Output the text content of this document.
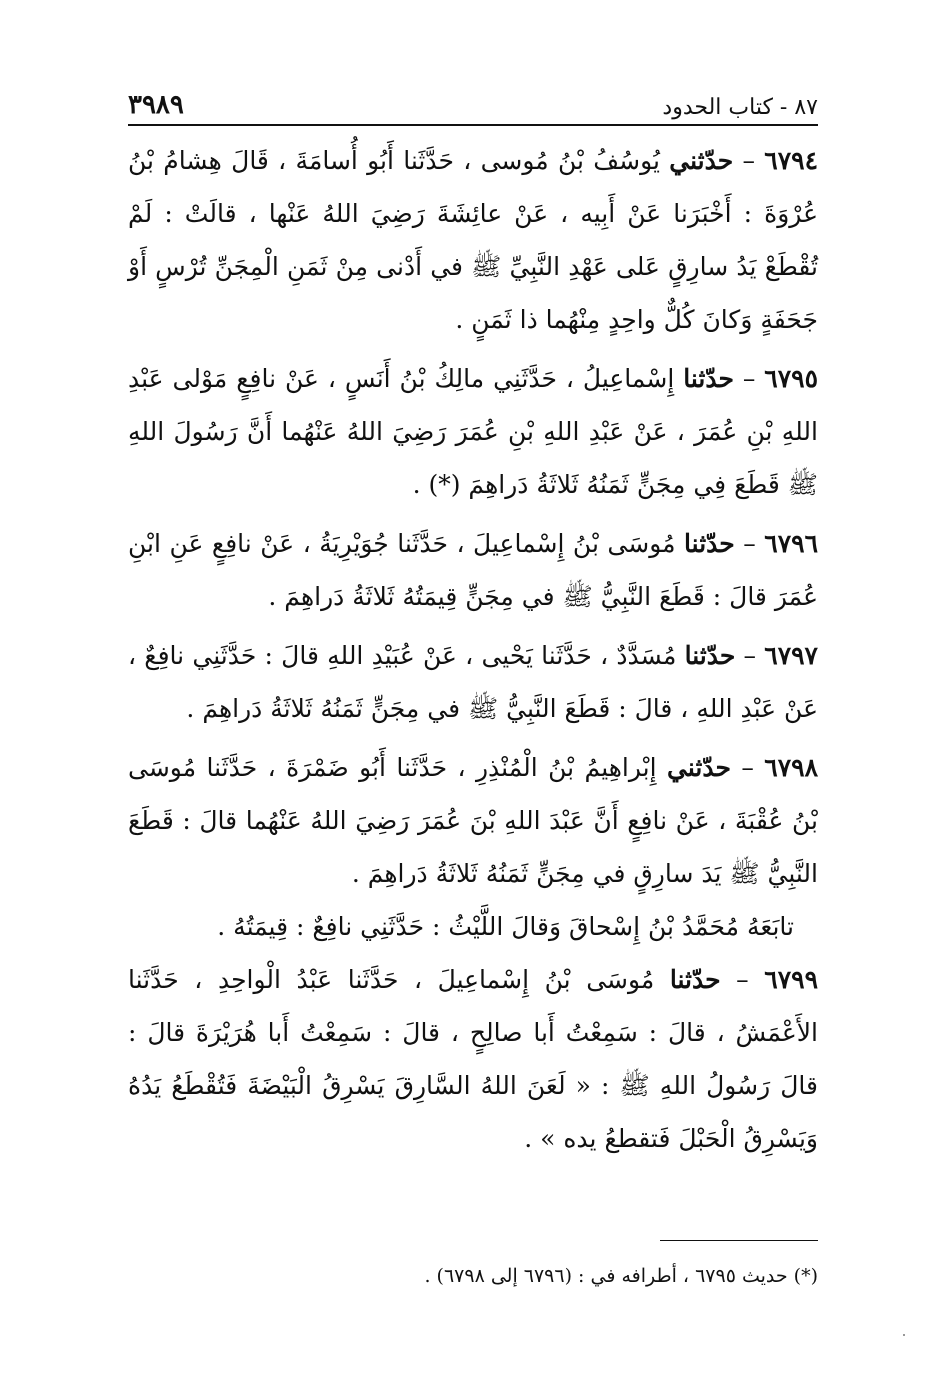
٨٧ - كتاب الحدود
٣٩٨٩

٦٧٩٤ – حدّثني يُوسُفُ بْنُ مُوسى ، حَدَّثَنا أَبُو أُسامَةَ ، قَالَ هِشامُ بْنُ عُرْوَةَ : أَخْبَرَنا عَنْ أَبِيه ، عَنْ عائِشَةَ رَضِيَ اللهُ عَنْها ، قالَتْ : لَمْ تُقْطَعْ يَدُ سارِقٍ عَلى عَهْدِ النَّبِيِّ ﷺ في أَدْنى مِنْ ثَمَنِ الْمِجَنِّ تُرْسٍ أَوْ جَحَفَةٍ وَكانَ كُلٌّ واحِدٍ مِنْهُما ذا ثَمَنٍ .

٦٧٩٥ – حدّثنا إِسْماعِيلُ ، حَدَّثَنِي مالِكُ بْنُ أَنَسٍ ، عَنْ نافِعٍ مَوْلى عَبْدِ اللهِ بْنِ عُمَرَ ، عَنْ عَبْدِ اللهِ بْنِ عُمَرَ رَضِيَ اللهُ عَنْهُما أَنَّ رَسُولَ اللهِ ﷺ قَطَعَ فِي مِجَنٍّ ثَمَنُهُ ثَلاثَةُ دَراهِمَ (*) .

٦٧٩٦ – حدّثنا مُوسَى بْنُ إِسْماعِيلَ ، حَدَّثَنا جُوَيْرِيَةُ ، عَنْ نافِعٍ عَنِ ابْنِ عُمَرَ قالَ : قَطَعَ النَّبِيُّ ﷺ في مِجَنٍّ قِيمَتُهُ ثَلاثَةُ دَراهِمَ .

٦٧٩٧ – حدّثنا مُسَدَّدٌ ، حَدَّثَنا يَحْيى ، عَنْ عُبَيْدِ اللهِ قالَ : حَدَّثَنِي نافِعٌ ، عَنْ عَبْدِ اللهِ ، قالَ : قَطَعَ النَّبِيُّ ﷺ في مِجَنٍّ ثَمَنُهُ ثَلاثَةُ دَراهِمَ .

٦٧٩٨ – حدّثني إِبْراهِيمُ بْنُ الْمُنْذِرِ ، حَدَّثَنا أَبُو ضَمْرَةَ ، حَدَّثَنا مُوسَى بْنُ عُقْبَةَ ، عَنْ نافِعٍ أَنَّ عَبْدَ اللهِ بْنَ عُمَرَ رَضِيَ اللهُ عَنْهُما قالَ : قَطَعَ النَّبِيُّ ﷺ يَدَ سارِقٍ في مِجَنٍّ ثَمَنُهُ ثَلاثَةُ دَراهِمَ .

تابَعَهُ مُحَمَّدُ بْنُ إِسْحاقَ وَقالَ اللَّيْثُ : حَدَّثَنِي نافِعٌ : قِيمَتُهُ .

٦٧٩٩ – حدّثنا مُوسَى بْنُ إِسْماعِيلَ ، حَدَّثَنا عَبْدُ الْواحِدِ ، حَدَّثَنا الأَعْمَشُ ، قالَ : سَمِعْتُ أَبا صالِحٍ ، قالَ : سَمِعْتُ أَبا هُرَيْرَةَ قالَ : قالَ رَسُولُ اللهِ ﷺ : « لَعَنَ اللهُ السَّارِقَ يَسْرِقُ الْبَيْضَةَ فَتُقْطَعُ يَدُهُ وَيَسْرِقُ الْحَبْلَ فَتقطعُ يده » .

(*) حديث ٦٧٩٥ ، أطرافه في : (٦٧٩٦ إلى ٦٧٩٨) .
